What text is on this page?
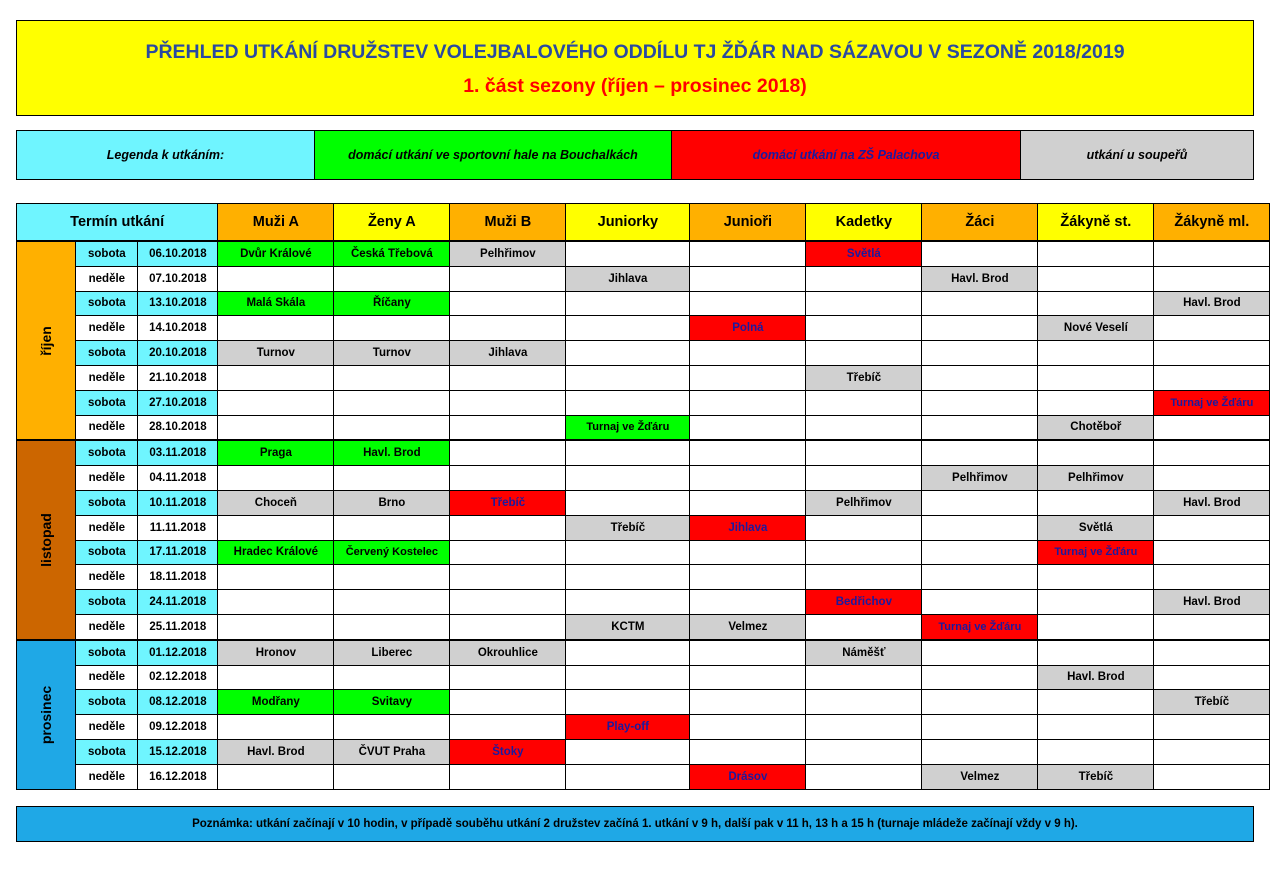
PŘEHLED UTKÁNÍ DRUŽSTEV VOLEJBALOVÉHO ODDÍLU TJ ŽĎÁR NAD SÁZAVOU V SEZONĚ 2018/2019
1. část sezony (říjen – prosinec 2018)
Legenda k utkáním:	domácí utkání ve sportovní hale na Bouchalkách	domácí utkání na ZŠ Palachova	utkání u soupeřů
Termín utkání			Muži A	Ženy A	Muži B	Juniorky	Junioři	Kadetky	Žáci	Žákyně st.	Žákyně ml.
říjen	sobota	06.10.2018	Dvůr Králové	Česká Třebová	Pelhřimov			Světlá			
	neděle	07.10.2018				Jihlava			Havl. Brod		
	sobota	13.10.2018	Malá Skála	Říčany							Havl. Brod
	neděle	14.10.2018					Polná			Nové Veselí	
	sobota	20.10.2018	Turnov	Turnov	Jihlava						
	neděle	21.10.2018						Třebíč			
	sobota	27.10.2018									Turnaj ve Žďáru
	neděle	28.10.2018				Turnaj ve Žďáru				Chotěboř	
listopad	sobota	03.11.2018	Praga	Havl. Brod							
	neděle	04.11.2018							Pelhřimov	Pelhřimov	
	sobota	10.11.2018	Choceň	Brno	Třebíč			Pelhřimov			Havl. Brod
	neděle	11.11.2018				Třebíč	Jihlava			Světlá	
	sobota	17.11.2018	Hradec Králové	Červený Kostelec						Turnaj ve Žďáru	
	neděle	18.11.2018									
	sobota	24.11.2018						Bedřichov			Havl. Brod
	neděle	25.11.2018				KCTM	Velmez		Turnaj ve Žďáru		
prosinec	sobota	01.12.2018	Hronov	Liberec	Okrouhlice			Náměšť			
	neděle	02.12.2018								Havl. Brod	
	sobota	08.12.2018	Modřany	Svitavy							Třebíč
	neděle	09.12.2018				Play-off					
	sobota	15.12.2018	Havl. Brod	ČVUT Praha	Štoky						
	neděle	16.12.2018					Drásov		Velmez	Třebíč	
Poznámka: utkání začínají v 10 hodin, v případě souběhu utkání 2 družstev začíná 1. utkání v 9 h, další pak v 11 h, 13 h a 15 h (turnaje mládeže začínají vždy v 9 h).
